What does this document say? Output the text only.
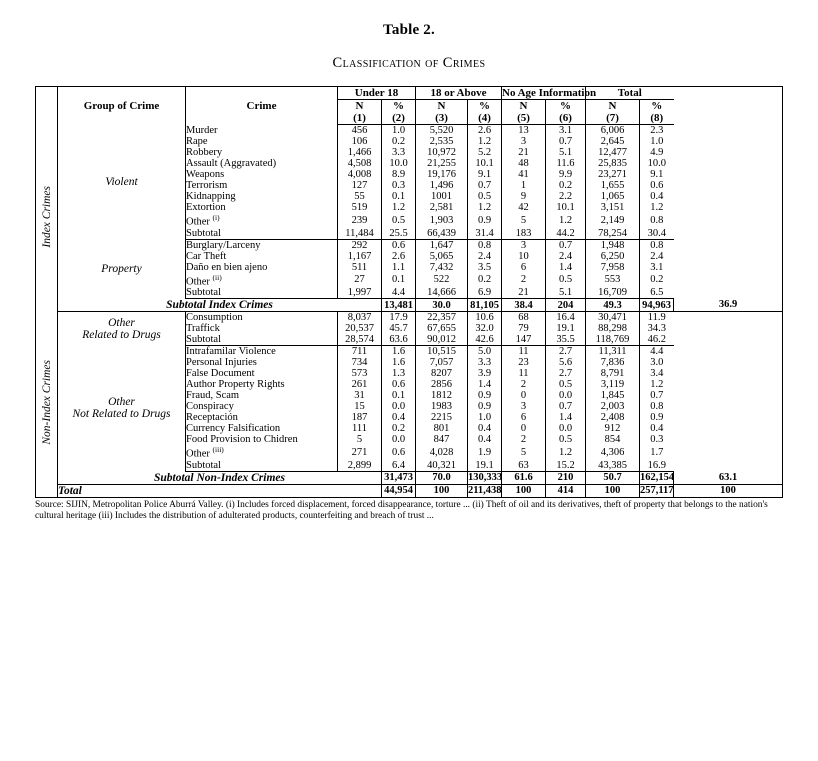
Table 2.
Classification of Crimes
	Group of Crime	Crime	Under 18		18 or Above		No Age Information		Total		
			N	%	N	%	N	%	N	%	
			(1)	(2)	(3)	(4)	(5)	(6)	(7)	(8)	
Index Crimes	Violent	Murder	456	1.0	5,520	2.6	13	3.1	6,006	2.3	
		Rape	106	0.2	2,535	1.2	3	0.7	2,645	1.0	
		Robbery	1,466	3.3	10,972	5.2	21	5.1	12,477	4.9	
		Assault (Aggravated)	4,508	10.0	21,255	10.1	48	11.6	25,835	10.0	
		Weapons	4,008	8.9	19,176	9.1	41	9.9	23,271	9.1	
		Terrorism	127	0.3	1,496	0.7	1	0.2	1,655	0.6	
		Kidnapping	55	0.1	1001	0.5	9	2.2	1,065	0.4	
		Extortion	519	1.2	2,581	1.2	42	10.1	3,151	1.2	
		Other $^{(i)}$	239	0.5	1,903	0.9	5	1.2	2,149	0.8	
		Subtotal	11,484	25.5	66,439	31.4	183	44.2	78,254	30.4	
	Property	Burglary/Larceny	292	0.6	1,647	0.8	3	0.7	1,948	0.8	
		Car Theft	1,167	2.6	5,065	2.4	10	2.4	6,250	2.4	
		Daño en bien ajeno	511	1.1	7,432	3.5	6	1.4	7,958	3.1	
		Other $^{(ii)}$	27	0.1	522	0.2	2	0.5	553	0.2	
		Subtotal	1,997	4.4	14,666	6.9	21	5.1	16,709	6.5	
	Subtotal Index Crimes			13,481	30.0	81,105	38.4	204	49.3	94,963	36.9
Non-Index Crimes	Other
Related to Drugs	Consumption	8,037	17.9	22,357	10.6	68	16.4	30,471	11.9	
		Traffick	20,537	45.7	67,655	32.0	79	19.1	88,298	34.3	
		Subtotal	28,574	63.6	90,012	42.6	147	35.5	118,769	46.2	

	Other
Not Related to Drugs	Intrafamilar Violence	711	1.6	10,515	5.0	11	2.7	11,311	4.4	
		Personal Injuries	734	1.6	7,057	3.3	23	5.6	7,836	3.0	
		False Document	573	1.3	8207	3.9	11	2.7	8,791	3.4	
		Author Property Rights	261	0.6	2856	1.4	2	0.5	3,119	1.2	
		Fraud, Scam	31	0.1	1812	0.9	0	0.0	1,845	0.7	
		Conspiracy	15	0.0	1983	0.9	3	0.7	2,003	0.8	
		Receptación	187	0.4	2215	1.0	6	1.4	2,408	0.9	
		Currency Falsification	111	0.2	801	0.4	0	0.0	912	0.4	
		Food Provision to Chidren	5	0.0	847	0.4	2	0.5	854	0.3	
		Other $^{(iii)}$	271	0.6	4,028	1.9	5	1.2	4,306	1.7	
		Subtotal	2,899	6.4	40,321	19.1	63	15.2	43,385	16.9	
	Subtotal Non-Index Crimes			31,473	70.0	130,333	61.6	210	50.7	162,154	63.1
	Total			44,954	100	211,438	100	414	100	257,117	100
Source: SIJIN, Metropolitan Police Aburrá Valley. (i) Includes forced displacement, forced disappearance, torture ... (ii) Theft of oil and its derivatives, theft of property that belongs to the nation's cultural heritage (iii) Includes the distribution of adulterated products, counterfeiting and breach of trust ...
